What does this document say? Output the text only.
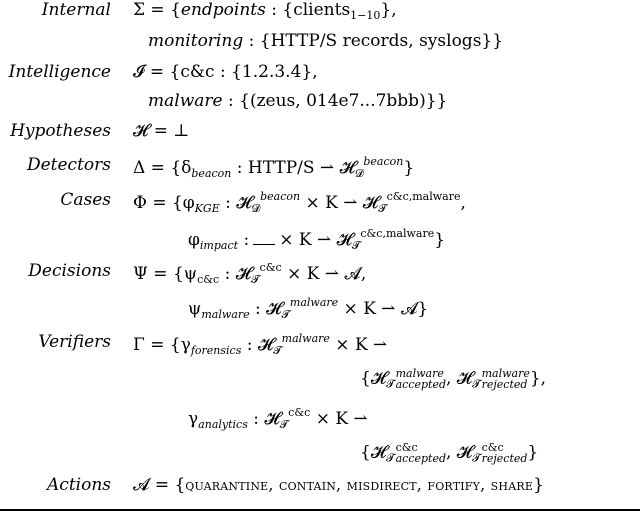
Internal Σ = {endpoints : {clients$_{1-10}$},
monitoring : {HTTP/S records, syslogs}}
Intelligence 𝓘 = {c&c : {1.2.3.4},
malware : {(zeus, 014e7...7bbb)}}
Hypotheses 𝓗 = ⊥
Detectors $\Delta = \{\delta_{beacon}$ : HTTP/S ⇀ 𝓗$_𝓓^{beacon}$}
Cases $\Phi = \{\varphi_{KGE}$ : 𝓗$_𝓓^{beacon}$ × K ⇀ 𝓗$_𝓣^{c\&c,malware}$,
$\varphi_{impact}$ : × K ⇀ 𝓗$_𝓣^{c\&c,malware}$}
Decisions $\Psi = \{\psi_{c\&c}$ : 𝓗$_𝓣^{c\&c}$ × K ⇀ 𝓐,
$\psi_{malware}$ : 𝓗$_𝓣^{malware}$ × K ⇀ 𝓐}
Verifiers $\Gamma = \{\gamma_{forensics}$ : 𝓗$_𝓣^{malware}$ × K ⇀
{𝓗$_𝓣$
malware
accepted , 𝓗$_𝓣$
malware
rejected },
$\gamma_{analytics}$ : 𝓗$_𝓣^{c\&c}$ × K ⇀
{𝓗$_𝓣$
c&c
accepted , 𝓗$_𝓣$
c&c
rejected }
Actions 𝓐 = {quarantine, contain, misdirect, fortify, share}
